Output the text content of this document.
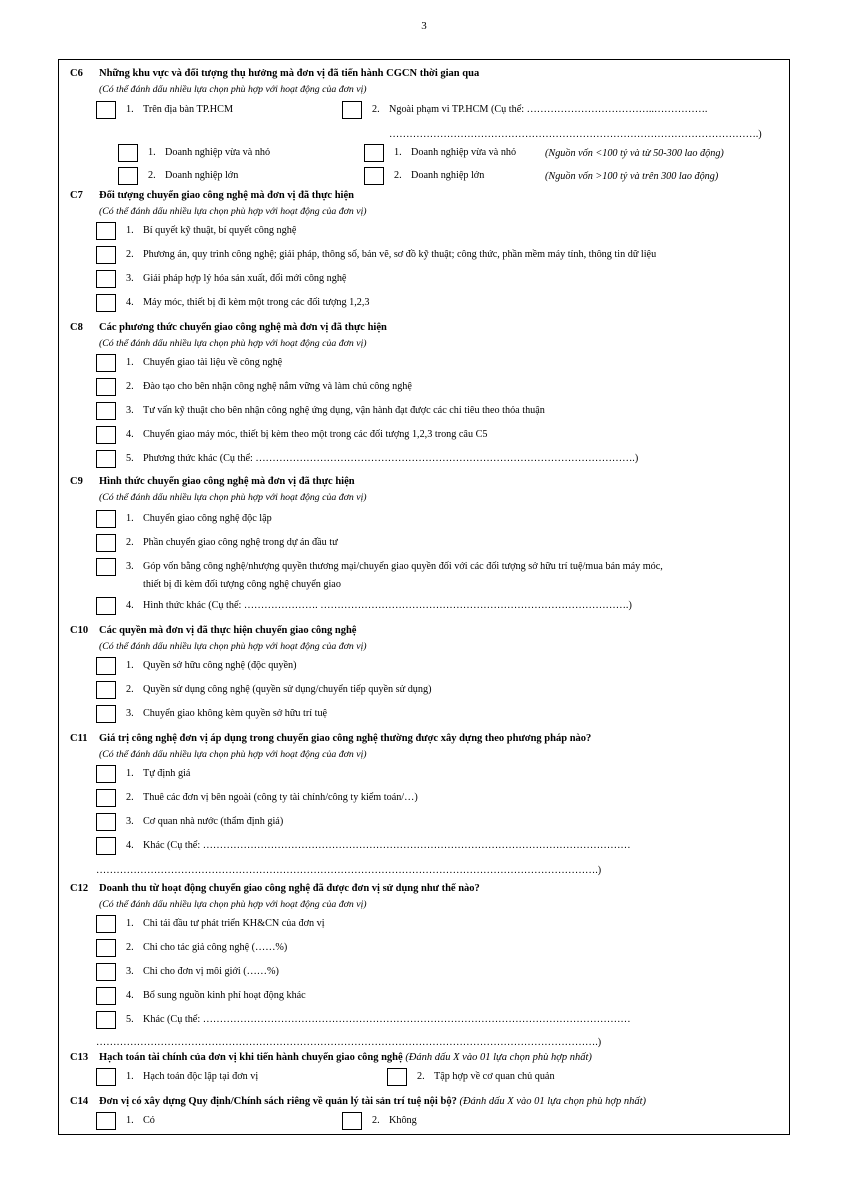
3
C6 Những khu vực và đối tượng thụ hưởng mà đơn vị đã tiến hành CGCN thời gian qua
(Có thể đánh dấu nhiều lựa chọn phù hợp với hoạt động của đơn vị)
1. Trên địa bàn TP.HCM	2. Ngoài phạm vi TP.HCM (Cụ thể: ………………………………..…………….
……………………………………………………………………………………………….)
1. Doanh nghiệp vừa và nhỏ	1. Doanh nghiệp vừa và nhỏ	(Nguồn vốn <100 tỷ và từ 50-300 lao động)
2. Doanh nghiệp lớn	2. Doanh nghiệp lớn	(Nguồn vốn >100 tỷ và trên 300 lao động)
C7 Đối tượng chuyển giao công nghệ mà đơn vị đã thực hiện
(Có thể đánh dấu nhiều lựa chọn phù hợp với hoạt động của đơn vị)
1. Bí quyết kỹ thuật, bí quyết công nghệ
2. Phương án, quy trình công nghệ; giải pháp, thông số, bản vẽ, sơ đồ kỹ thuật; công thức, phần mềm máy tính, thông tin dữ liệu
3. Giải pháp hợp lý hóa sản xuất, đổi mới công nghệ
4. Máy móc, thiết bị đi kèm một trong các đối tượng 1,2,3
C8 Các phương thức chuyển giao công nghệ mà đơn vị đã thực hiện
(Có thể đánh dấu nhiều lựa chọn phù hợp với hoạt động của đơn vị)
1. Chuyển giao tài liệu về công nghệ
2. Đào tạo cho bên nhận công nghệ nắm vững và làm chủ công nghệ
3. Tư vấn kỹ thuật cho bên nhận công nghệ ứng dụng, vận hành đạt được các chỉ tiêu theo thỏa thuận
4. Chuyển giao máy móc, thiết bị kèm theo một trong các đối tượng 1,2,3 trong câu C5
5. Phương thức khác (Cụ thể: ………………………………………………………………………………………………….)
C9 Hình thức chuyển giao công nghệ mà đơn vị đã thực hiện
(Có thể đánh dấu nhiều lựa chọn phù hợp với hoạt động của đơn vị)
1. Chuyển giao công nghệ độc lập
2. Phần chuyển giao công nghệ trong dự án đầu tư
3. Góp vốn bằng công nghệ/nhượng quyền thương mại/chuyển giao quyền đối với các đối tượng sở hữu trí tuệ/mua bán máy móc,
thiết bị đi kèm đối tượng công nghệ chuyển giao
4. Hình thức khác (Cụ thể: …………………. ……………………………………………………………………………….)
C10 Các quyền mà đơn vị đã thực hiện chuyển giao công nghệ
(Có thể đánh dấu nhiều lựa chọn phù hợp với hoạt động của đơn vị)
1. Quyền sở hữu công nghệ (độc quyền)
2. Quyền sử dụng công nghệ (quyền sử dụng/chuyển tiếp quyền sử dụng)
3. Chuyển giao không kèm quyền sở hữu trí tuệ
C11 Giá trị công nghệ đơn vị áp dụng trong chuyển giao công nghệ thường được xây dựng theo phương pháp nào?
(Có thể đánh dấu nhiều lựa chọn phù hợp với hoạt động của đơn vị)
1. Tự định giá
2. Thuê các đơn vị bên ngoài (công ty tài chính/công ty kiểm toán/…)
3. Cơ quan nhà nước (thẩm định giá)
4. Khác (Cụ thể: ………………………………………………………………………………………………………………
………………………………………………………………………………………………………………………………….)
C12 Doanh thu từ hoạt động chuyển giao công nghệ đã được đơn vị sử dụng như thế nào?
(Có thể đánh dấu nhiều lựa chọn phù hợp với hoạt động của đơn vị)
1. Chi tái đầu tư phát triển KH&CN của đơn vị
2. Chi cho tác giả công nghệ (……%)
3. Chi cho đơn vị môi giới (……%)
4. Bổ sung nguồn kinh phí hoạt động khác
5. Khác (Cụ thể: ………………………………………………………………………………………………………………
………………………………………………………………………………………………………………………………….)
C13 Hạch toán tài chính của đơn vị khi tiến hành chuyển giao công nghệ (Đánh dấu X vào 01 lựa chọn phù hợp nhất)
1. Hạch toán độc lập tại đơn vị	2. Tập hợp về cơ quan chủ quản
C14 Đơn vị có xây dựng Quy định/Chính sách riêng về quản lý tài sản trí tuệ nội bộ? (Đánh dấu X vào 01 lựa chọn phù hợp nhất)
1. Có	2. Không
